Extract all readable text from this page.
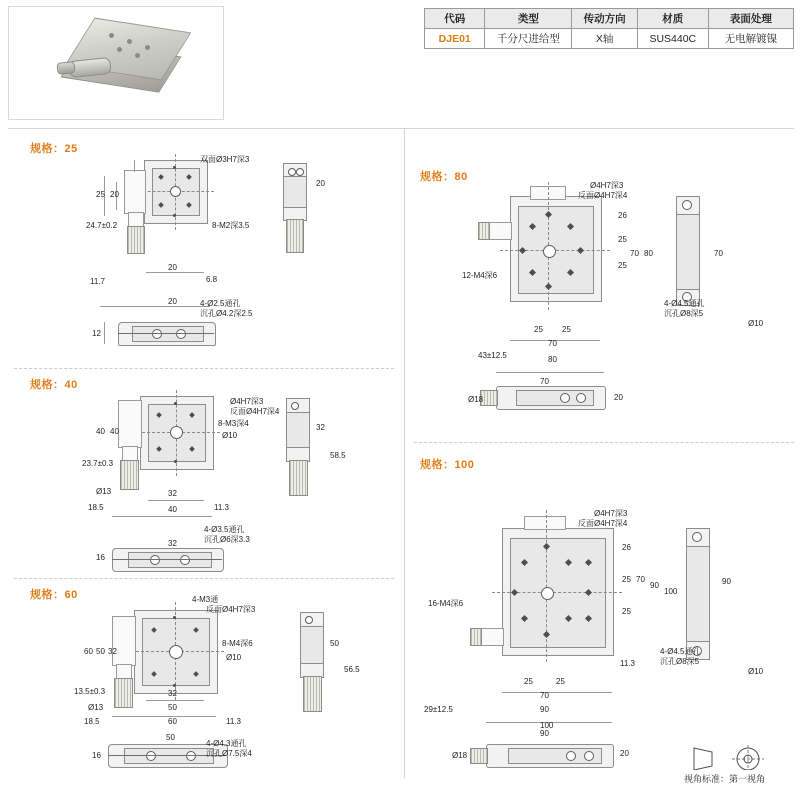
代码	类型	传动方向	材质	表面处理
DJE01	千分尺进给型	X轴	SUS440C	无电解镀镍
规格：25
双面Ø3H7深3
8-M2深3.5
20
6.8
20
25 20
24.7±0.2
11.7
20
12
4-Ø2.5通孔
沉孔Ø4.2深2.5
规格：40
Ø4H7深3
反面Ø4H7深4
8-M3深4
Ø10
32
58.5
40 40
23.7±0.3
Ø13
18.5
32
40	11.3
16
32
4-Ø3.5通孔
沉孔Ø6深3.3
规格：60	4-M3通
反面Ø4H7深3
8-M4深6
Ø10
50
56.5
60 50 32
13.5±0.3
Ø13
18.5
32
50
60	11.3
16
50
4-Ø4.3通孔
沉孔Ø7.5深4
规格：80
Ø4H7深3
反面Ø4H7深4
12-M4深6
26
25
25
70 80
25 25
70
43±12.5	80
70
Ø10
4-Ø4.5通孔
沉孔Ø8深5
70
Ø18	20
规格：100
Ø4H7深3
反面Ø4H7深4
16-M4深6
26
25
25
70
90
100
25	25
70
90
100
29±12.5
11.3
90
Ø10
4-Ø4.5通孔
沉孔Ø8深5
90
Ø18	20
视角标准：第一视角
